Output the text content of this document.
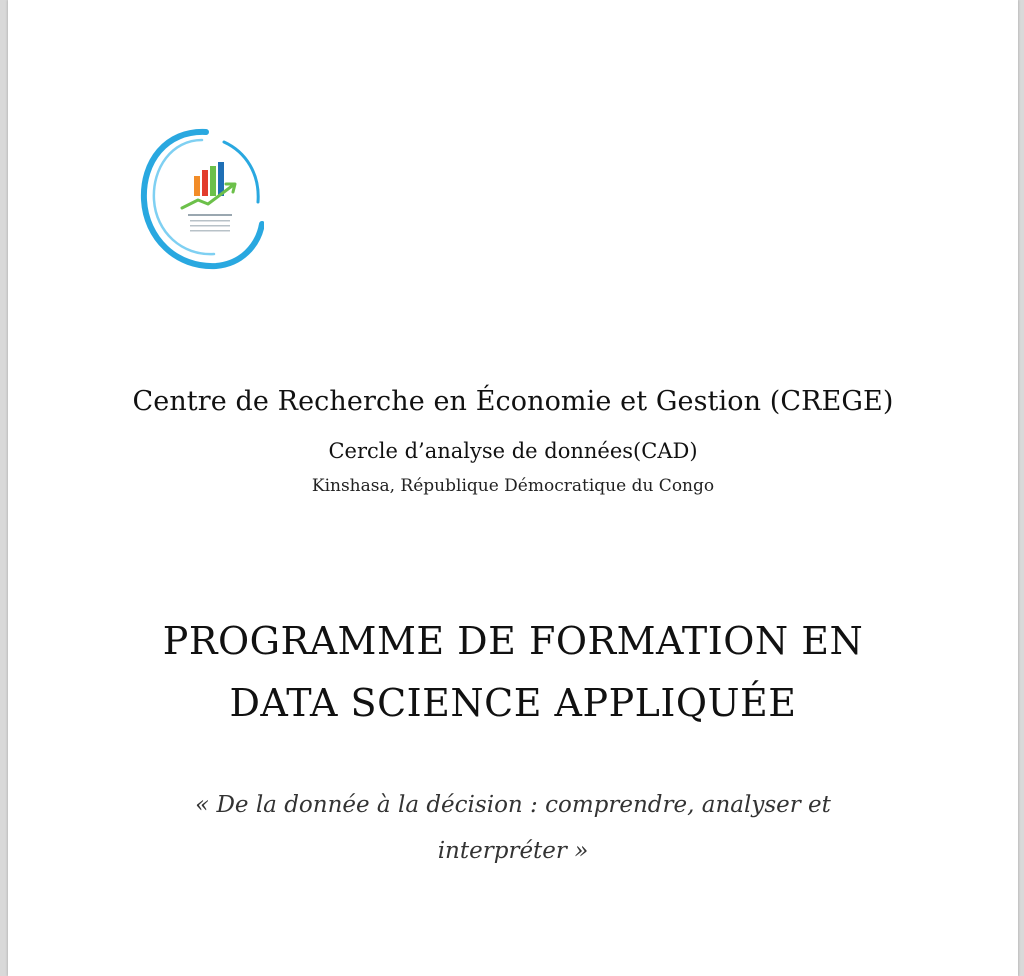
Centre de Recherche en Économie et Gestion (CREGE)
Cercle d’analyse de données(CAD)
Kinshasa, République Démocratique du Congo
PROGRAMME DE FORMATION EN
DATA SCIENCE APPLIQUÉE
« De la donnée à la décision : comprendre, analyser et
interpréter »
